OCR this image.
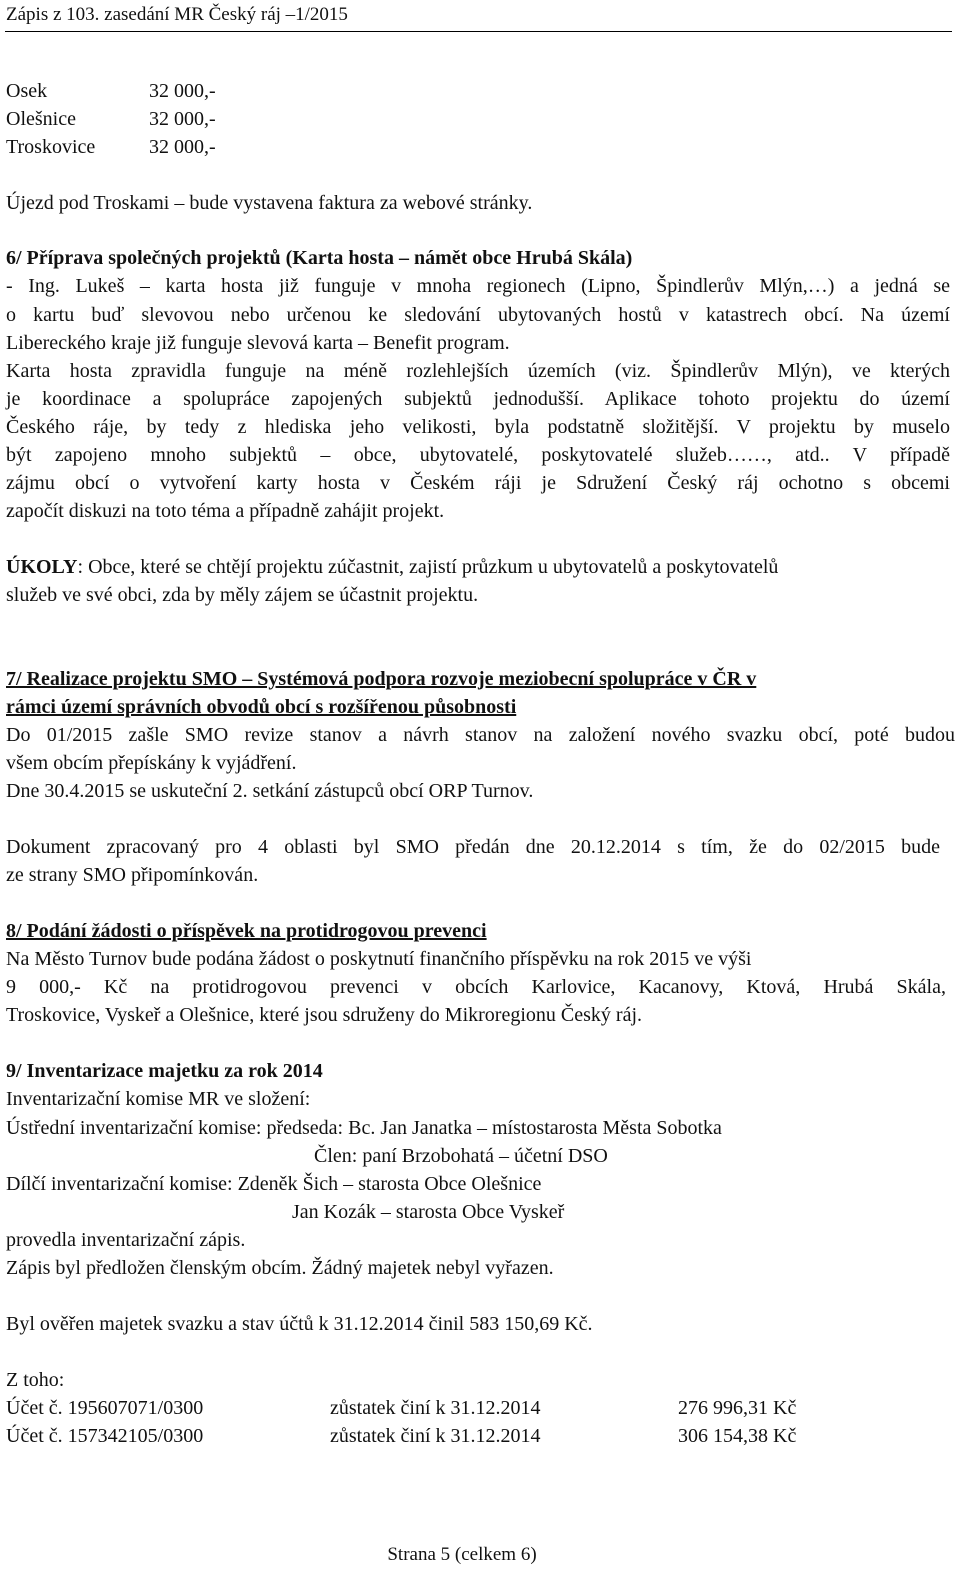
Zápis z 103. zasedání MR Český ráj –1/2015
Osek	32 000,-
Olešnice	32 000,-
Troskovice	32 000,-
Újezd pod Troskami – bude vystavena faktura za webové stránky.
6/ Příprava společných projektů (Karta hosta – námět obce Hrubá Skála)
- Ing. Lukeš – karta hosta již funguje v mnoha regionech (Lipno, Špindlerův Mlýn,…) a jedná se
o kartu buď slevovou nebo určenou ke sledování ubytovaných hostů v katastrech obcí. Na území
Libereckého kraje již funguje slevová karta – Benefit program.
Karta hosta zpravidla funguje na méně rozlehlejších územích (viz. Špindlerův Mlýn), ve kterých
je koordinace a spolupráce zapojených subjektů jednodušší. Aplikace tohoto projektu do území
Českého ráje, by tedy z hlediska jeho velikosti, byla podstatně složitější. V projektu by muselo
být zapojeno mnoho subjektů – obce, ubytovatelé, poskytovatelé služeb……, atd.. V případě
zájmu obcí o vytvoření karty hosta v Českém ráji je Sdružení Český ráj ochotno s obcemi
započít diskuzi na toto téma a případně zahájit projekt.
ÚKOLY: Obce, které se chtějí projektu zúčastnit, zajistí průzkum u ubytovatelů a poskytovatelů
služeb ve své obci, zda by měly zájem se účastnit projektu.
7/ Realizace projektu SMO – Systémová podpora rozvoje meziobecní spolupráce v ČR v
rámci území správních obvodů obcí s rozšířenou působnosti
Do 01/2015 zašle SMO revize stanov a návrh stanov na založení nového svazku obcí, poté budou
všem obcím přepískány k vyjádření.
Dne 30.4.2015 se uskuteční 2. setkání zástupců obcí ORP Turnov.
Dokument zpracovaný pro 4 oblasti byl SMO předán dne 20.12.2014 s tím, že do 02/2015 bude
ze strany SMO připomínkován.
8/ Podání žádosti o příspěvek na protidrogovou prevenci
Na Město Turnov bude podána žádost o poskytnutí finančního příspěvku na rok 2015 ve výši
9 000,- Kč na protidrogovou prevenci v obcích Karlovice, Kacanovy, Ktová, Hrubá Skála,
Troskovice, Vyskeř a Olešnice, které jsou sdruženy do Mikroregionu Český ráj.
9/ Inventarizace majetku za rok 2014
Inventarizační komise MR ve složení:
Ústřední inventarizační komise: předseda: Bc. Jan Janatka – místostarosta Města Sobotka
Člen: paní Brzobohatá – účetní DSO
Dílčí inventarizační komise: Zdeněk Šich – starosta Obce Olešnice
Jan Kozák – starosta Obce Vyskeř
provedla inventarizační zápis.
Zápis byl předložen členským obcím. Žádný majetek nebyl vyřazen.
Byl ověřen majetek svazku a stav účtů k 31.12.2014 činil 583 150,69 Kč.
Z toho:
Účet č. 195607071/0300	zůstatek činí k 31.12.2014	276 996,31 Kč
Účet č. 157342105/0300	zůstatek činí k 31.12.2014	306 154,38 Kč
Strana 5 (celkem 6)
